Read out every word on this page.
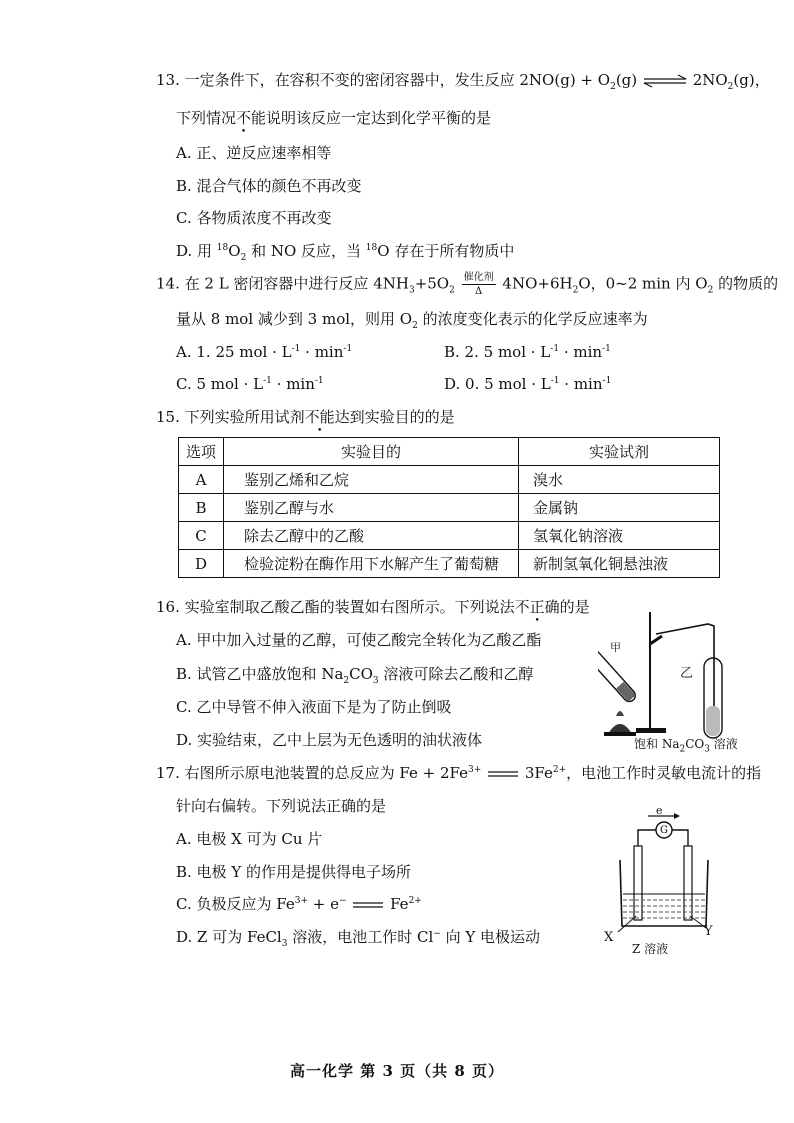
13. 一定条件下，在容积不变的密闭容器中，发生反应 $2NO(g) + O_2(g)$ ⇌ $2NO_2(g)$，
下列情况不能说明该反应一定达到化学平衡的是
A. 正、逆反应速率相等
B. 混合气体的颜色不再改变
C. 各物质浓度不再改变
D. 用 $^{18}O_2$ 和 NO 反应，当 $^{18}$O 存在于所有物质中
14. 在 2 L 密闭容器中进行反应 $4NH_3+5O_2$
催化剂
Δ	$4NO+6H_2O$，0~2 min 内 $O_2$ 的物质的
量从 8 mol 减少到 3 mol，则用 $O_2$ 的浓度变化表示的化学反应速率为
A. 1. 25 mol · $L^{-1} \cdot \min^{-1}$	B. 2. 5 mol · $L^{-1} \cdot \min^{-1}$
C. 5 mol · $L^{-1} \cdot \min^{-1}$	D. 0. 5 mol · $L^{-1} \cdot \min^{-1}$
15. 下列实验所用试剂不能达到实验目的的是
选项	实验目的	实验试剂
A	鉴别乙烯和乙烷	溴水
B	鉴别乙醇与水	金属钠
C	除去乙醇中的乙酸	氢氧化钠溶液
D	检验淀粉在酶作用下水解产生了葡萄糖	新制氢氧化铜悬浊液
16. 实验室制取乙酸乙酯的装置如右图所示。下列说法不正确的是
A. 甲中加入过量的乙醇，可使乙酸完全转化为乙酸乙酯
B. 试管乙中盛放饱和 $Na_2CO_3$ 溶液可除去乙酸和乙醇
C. 乙中导管不伸入液面下是为了防止倒吸
D. 实验结束，乙中上层为无色透明的油状液体
甲
乙
饱和 $Na_2CO_3$ 溶液
17. 右图所示原电池装置的总反应为 $Fe + 2Fe^{3+}$	$3Fe^{2+}$，电池工作时灵敏电流计的指
针向右偏转。下列说法正确的是
A. 电极 X 可为 Cu 片
B. 电极 Y 的作用是提供得电子场所
C. 负极反应为 $Fe^{3+} + e^-$	$Fe^{2+}$
D. Z 可为 FeCl$_3$ 溶液，电池工作时 Cl− 向 Y 电极运动
e
G
X	Y
Z 溶液
高一化学 第 3 页（共 8 页）
